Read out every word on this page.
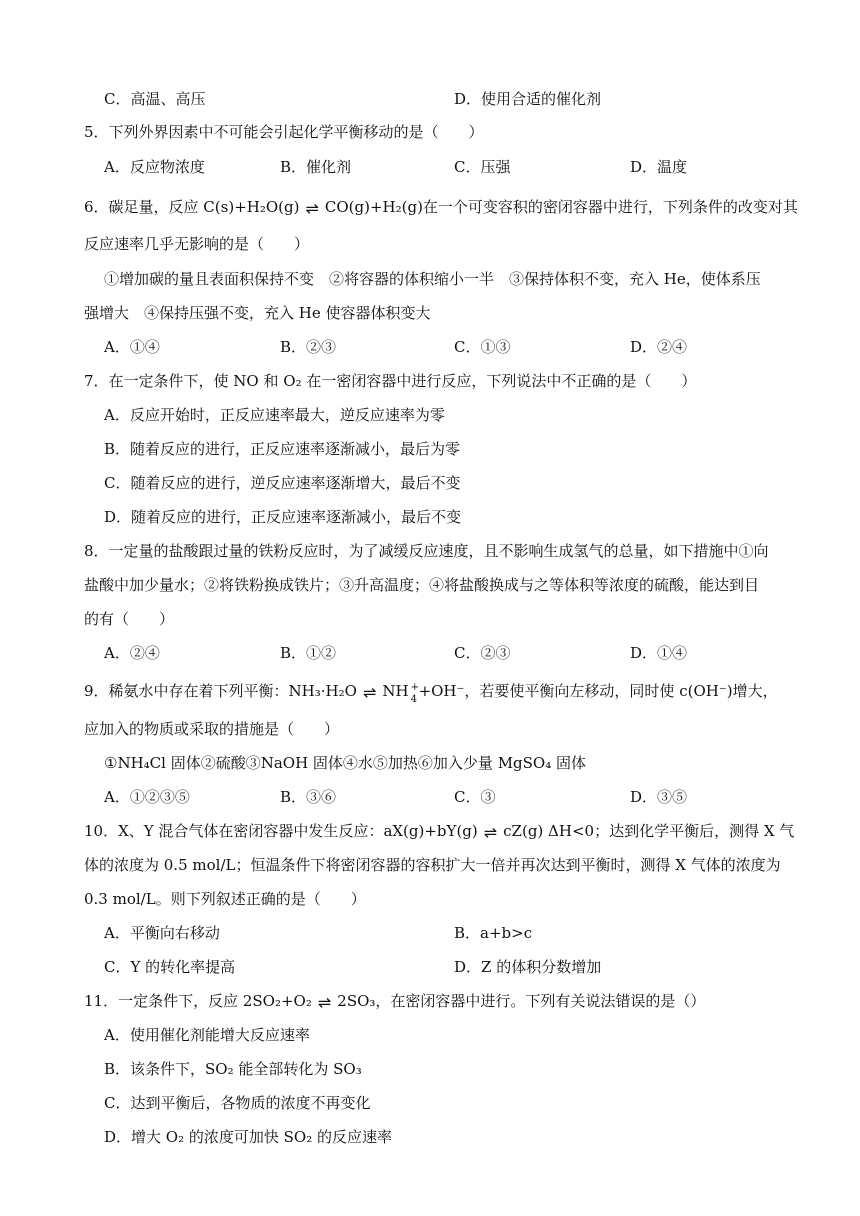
C．高温、高压	D．使用合适的催化剂
5．下列外界因素中不可能会引起化学平衡移动的是（　　）
A．反应物浓度	B．催化剂	C．压强	D．温度
6．碳足量，反应 C(s)+H₂O(g) ⇌ CO(g)+H₂(g)在一个可变容积的密闭容器中进行，下列条件的改变对其
反应速率几乎无影响的是（　　）
①增加碳的量且表面积保持不变　②将容器的体积缩小一半　③保持体积不变，充入 He，使体系压
强增大　④保持压强不变，充入 He 使容器体积变大
A．①④	B．②③	C．①③	D．②④
7．在一定条件下，使 NO 和 O₂ 在一密闭容器中进行反应，下列说法中不正确的是（　　）
A．反应开始时，正反应速率最大，逆反应速率为零
B．随着反应的进行，正反应速率逐渐减小，最后为零
C．随着反应的进行，逆反应速率逐渐增大，最后不变
D．随着反应的进行，正反应速率逐渐减小，最后不变
8．一定量的盐酸跟过量的铁粉反应时，为了减缓反应速度，且不影响生成氢气的总量，如下措施中①向
盐酸中加少量水；②将铁粉换成铁片；③升高温度；④将盐酸换成与之等体积等浓度的硫酸，能达到目
的有（　　）
A．②④	B．①②	C．②③	D．①④
9．稀氨水中存在着下列平衡：NH₃·H₂O ⇌ NH +
4 +OH⁻，若要使平衡向左移动，同时使 c(OH⁻)增大，
应加入的物质或采取的措施是（　　）
①NH₄Cl 固体②硫酸③NaOH 固体④水⑤加热⑥加入少量 MgSO₄ 固体
A．①②③⑤	B．③⑥	C．③	D．③⑤
10．X、Y 混合气体在密闭容器中发生反应：aX(g)+bY(g) ⇌ cZ(g) ΔH<0；达到化学平衡后，测得 X 气
体的浓度为 0.5 mol/L；恒温条件下将密闭容器的容积扩大一倍并再次达到平衡时，测得 X 气体的浓度为
0.3 mol/L。则下列叙述正确的是（　　）
A．平衡向右移动	B．a+b>c
C．Y 的转化率提高	D．Z 的体积分数增加
11．一定条件下，反应 2SO₂+O₂ ⇌ 2SO₃，在密闭容器中进行。下列有关说法错误的是（）
A．使用催化剂能增大反应速率
B．该条件下，SO₂ 能全部转化为 SO₃
C．达到平衡后，各物质的浓度不再变化
D．增大 O₂ 的浓度可加快 SO₂ 的反应速率
